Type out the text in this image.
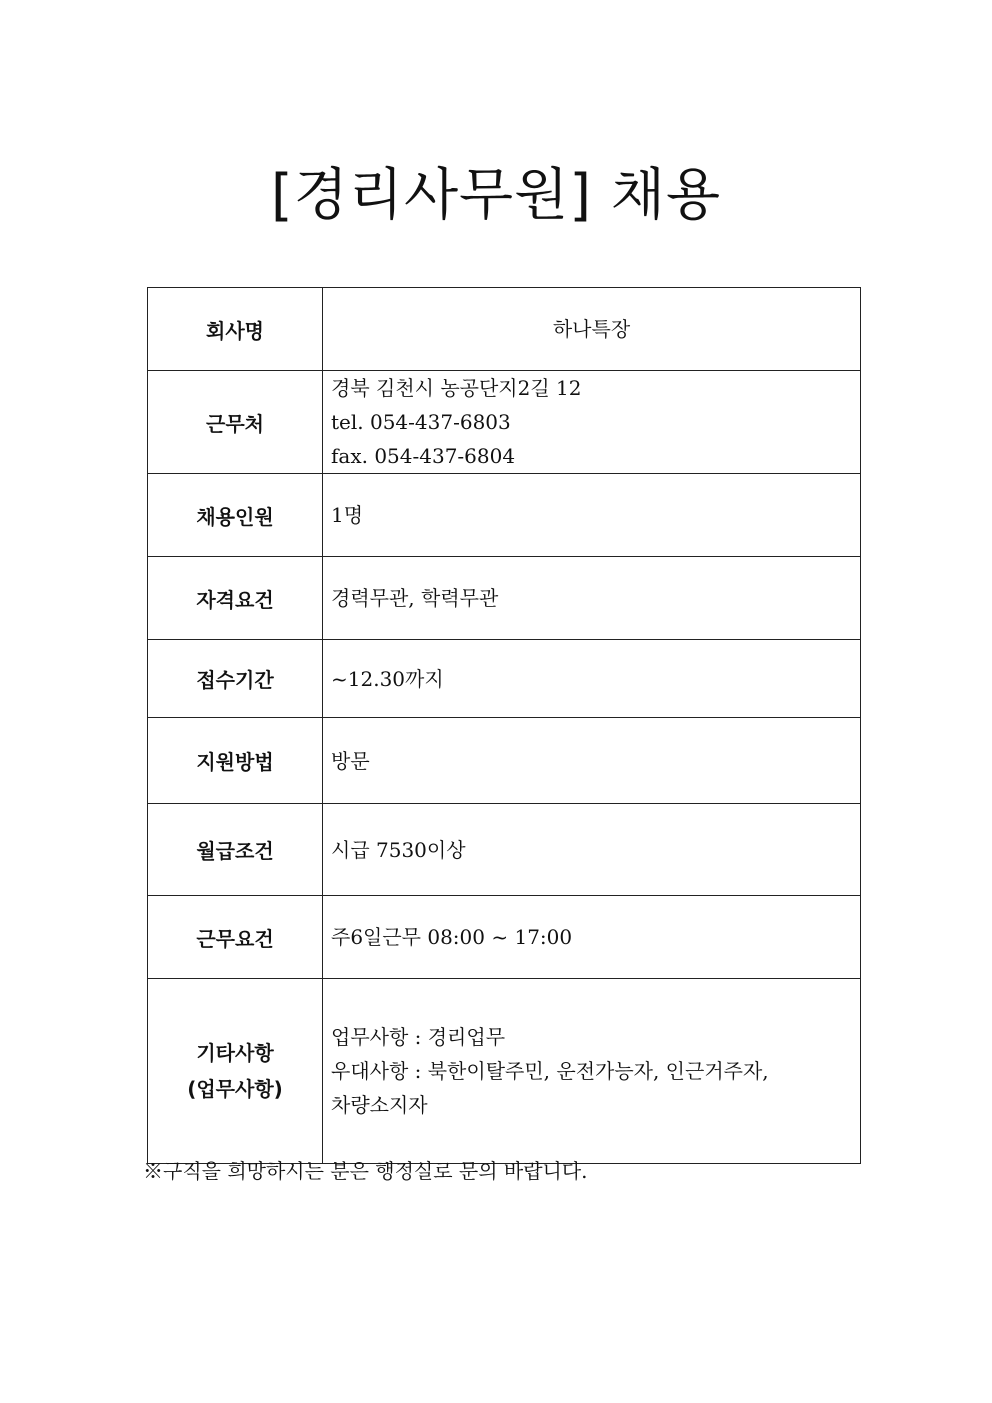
[경리사무원] 채용
회사명	하나특장
근무처	경북 김천시 농공단지2길 12
tel. 054-437-6803
fax. 054-437-6804

채용인원	1명
자격요건	경력무관, 학력무관
접수기간	~12.30까지
지원방법	방문
월급조건	시급 7530이상
근무요건	주6일근무 08:00 ~ 17:00

기타사항
(업무사항)	업무사항 : 경리업무
우대사항 : 북한이탈주민, 운전가능자, 인근거주자,
차량소지자

※구직을 희망하시는 분은 행정실로 문의 바랍니다.
